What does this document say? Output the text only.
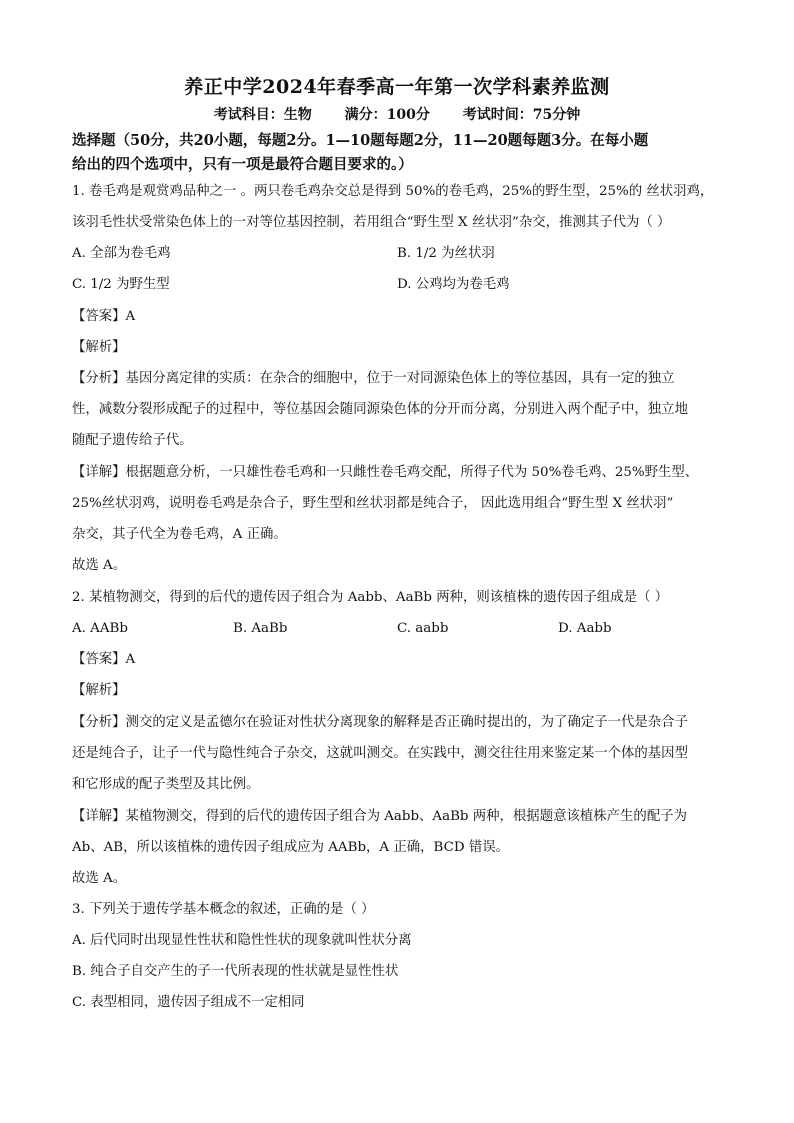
养正中学2024年春季高一年第一次学科素养监测
考试科目：生物 满分：100分 考试时间：75分钟
选择题（50分，共20小题，每题2分。1—10题每题2分，11—20题每题3分。在每小题
给出的四个选项中，只有一项是最符合题目要求的。）
1. 卷毛鸡是观赏鸡品种之一 。两只卷毛鸡杂交总是得到 50%的卷毛鸡，25%的野生型，25%的 丝状羽鸡，
该羽毛性状受常染色体上的一对等位基因控制，若用组合“野生型 X 丝状羽”杂交，推测其子代为（ ）
A. 全部为卷毛鸡	B. 1/2 为丝状羽
C. 1/2 为野生型	D. 公鸡均为卷毛鸡
【答案】A
【解析】
【分析】基因分离定律的实质：在杂合的细胞中，位于一对同源染色体上的等位基因，具有一定的独立
性，减数分裂形成配子的过程中，等位基因会随同源染色体的分开而分离，分别进入两个配子中，独立地
随配子遗传给子代。
【详解】根据题意分析，一只雄性卷毛鸡和一只雌性卷毛鸡交配，所得子代为 50%卷毛鸡、25%野生型、
25%丝状羽鸡，说明卷毛鸡是杂合子，野生型和丝状羽都是纯合子， 因此选用组合“野生型 X 丝状羽”
杂交，其子代全为卷毛鸡，A 正确。
故选 A。
2. 某植物测交，得到的后代的遗传因子组合为 Aabb、AaBb 两种，则该植株的遗传因子组成是（ ）
A. AABb	B. AaBb	C. aabb	D. Aabb
【答案】A
【解析】
【分析】测交的定义是孟德尔在验证对性状分离现象的解释是否正确时提出的，为了确定子一代是杂合子
还是纯合子，让子一代与隐性纯合子杂交，这就叫测交。在实践中，测交往往用来鉴定某一个体的基因型
和它形成的配子类型及其比例。
【详解】某植物测交，得到的后代的遗传因子组合为 Aabb、AaBb 两种，根据题意该植株产生的配子为
Ab、AB，所以该植株的遗传因子组成应为 AABb，A 正确，BCD 错误。
故选 A。
3. 下列关于遗传学基本概念的叙述，正确的是（ ）
A. 后代同时出现显性性状和隐性性状的现象就叫性状分离
B. 纯合子自交产生的子一代所表现的性状就是显性性状
C. 表型相同，遗传因子组成不一定相同
